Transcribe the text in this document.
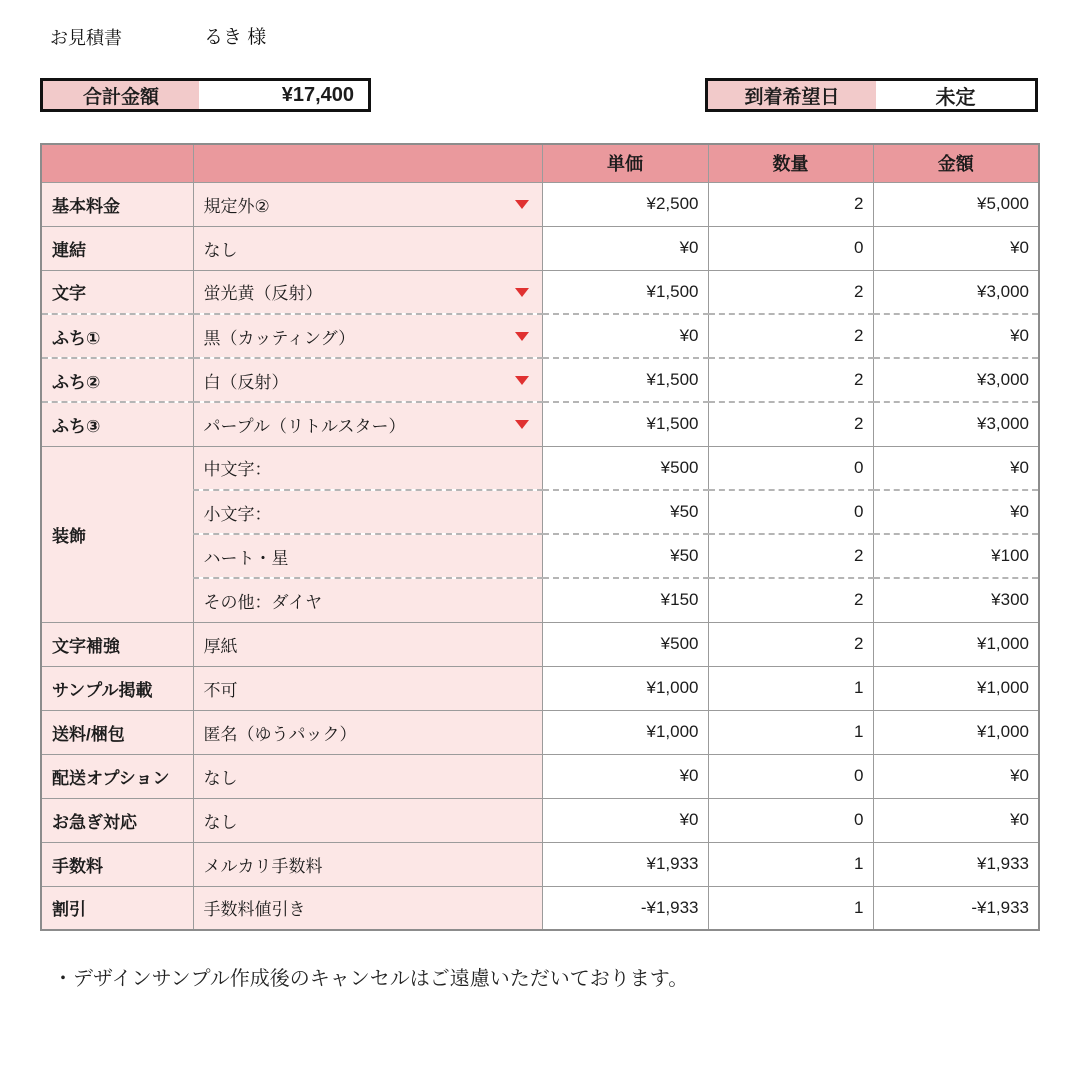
お見積書	るき 様
合計金額	¥17,400	到着希望日	未定
		単価	数量	金額
基本料金	規定外②	¥2,500	2	¥5,000
連結	なし	¥0	0	¥0
文字	蛍光黄（反射）	¥1,500	2	¥3,000
ふち①	黒（カッティング）	¥0	2	¥0
ふち②	白（反射）	¥1,500	2	¥3,000
ふち③	パープル（リトルスター）	¥1,500	2	¥3,000
装飾	中文字：	¥500	0	¥0
	小文字：	¥50	0	¥0
	ハート・星	¥50	2	¥100
	その他：ダイヤ	¥150	2	¥300
文字補強	厚紙	¥500	2	¥1,000
サンプル掲載	不可	¥1,000	1	¥1,000
送料/梱包	匿名（ゆうパック）	¥1,000	1	¥1,000
配送オプション	なし	¥0	0	¥0
お急ぎ対応	なし	¥0	0	¥0
手数料	メルカリ手数料	¥1,933	1	¥1,933
割引	手数料値引き	-¥1,933	1	-¥1,933
・デザインサンプル作成後のキャンセルはご遠慮いただいております。
